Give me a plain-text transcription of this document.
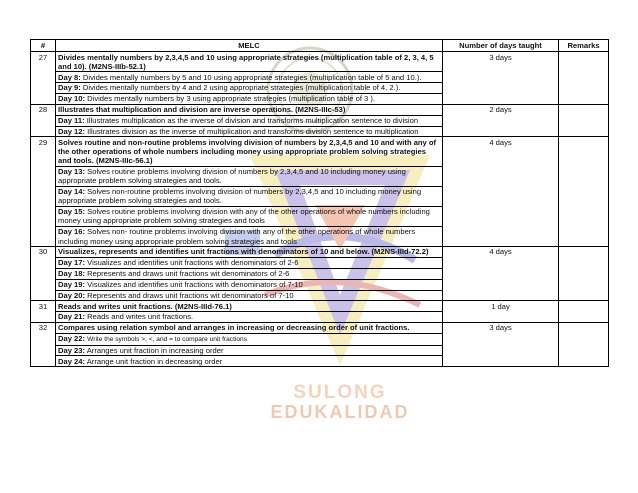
SULONG
EDUKALIDAD
#	MELC	Number of days taught	Remarks
27	Divides mentally numbers by 2,3,4,5 and 10 using appropriate strategies (multiplication table of 2, 3, 4, 5 and 10). (M2NS-IIIb-52.1)	3 days	
	Day 8: Divides mentally numbers by 5 and 10 using appropriate strategies (multiplication table of 5 and 10.).		
	Day 9: Divides mentally numbers by 4 and 2 using appropriate strategies (multiplication table of 4, 2.).		
	Day 10: Divides mentally numbers by 3 using appropriate strategies (multiplication table of 3 ).		
28	Illustrates that multiplication and division are inverse operations. (M2NS-IIIc-53)	2 days	
	Day 11: Illustrates multiplication as the inverse of division and transforms multiplication sentence to division		
	Day 12: Illustrates division as the inverse of multiplication and transforms division sentence to multiplication		
29	Solves routine and non-routine problems involving division of numbers by 2,3,4,5 and 10 and with any of the other operations of whole numbers including money using appropriate problem solving strategies and tools. (M2NS-IIIc-56.1)	4 days	
	Day 13: Solves routine problems involving division of numbers by 2,3,4,5 and 10 including money using appropriate problem solving strategies and tools.		
	Day 14: Solves non-routine problems involving division of numbers by 2,3,4,5 and 10 including money using appropriate problem solving strategies and tools.		
	Day 15: Solves routine problems involving division with any of the other operations of whole numbers including money using appropriate problem solving strategies and tools		
	Day 16: Solves non- routine problems involving division with any of the other operations of whole numbers including money using appropriate problem solving strategies and tools		
30	Visualizes, represents and identifies unit fractions with denominators of 10 and below. (M2NS-IIId-72.2)	4 days	
	Day 17: Visualizes and identifies unit fractions with denominators of 2-6		
	Day 18: Represents and draws unit fractions wit denominators of 2-6		
	Day 19: Visualizes and identifies unit fractions with denominators of 7-10		
	Day 20: Represents and draws unit fractions wit denominators of 7-10		
31	Reads and writes unit fractions. (M2NS-IIId-76.1)	1 day	
	Day 21: Reads and writes unit fractions.		
32	Compares using relation symbol and arranges in increasing or decreasing order of unit fractions.	3 days	
	Day 22: Write the symbols >, <, and = to compare unit fractions		
	Day 23: Arranges unit fraction in increasing order		
	Day 24: Arrange unit fraction in decreasing order		
